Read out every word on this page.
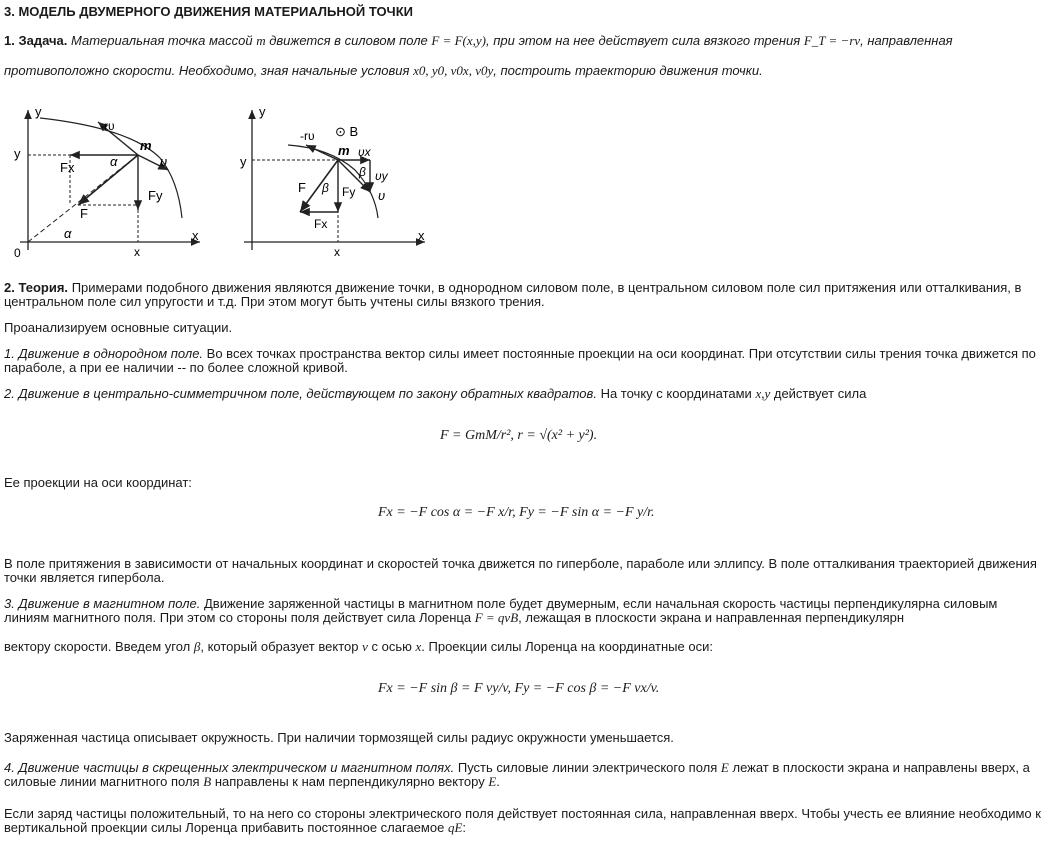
3. МОДЕЛЬ ДВУМЕРНОГО ДВИЖЕНИЯ МАТЕРИАЛЬНОЙ ТОЧКИ
1. Задача. Материальная точка массой m движется в силовом поле F = F(x,y), при этом на нее действует сила вязкого трения F_T = −rv, направленная
противоположно скорости. Необходимо, зная начальные условия x0, y0, v0x, v0y, построить траекторию движения точки.
y
x
0
y
x
m
-rυ
υ
Fx
Fy
F
α
α
y
x
y
x
m
-rυ ⊙ B
υx
υy
υ
β
β
F	Fy
Fx
2. Теория. Примерами подобного движения являются движение точки, в однородном силовом поле, в центральном силовом поле сил притяжения или отталкивания, в центральном поле сил упругости и т.д. При этом могут быть учтены силы вязкого трения.
Проанализируем основные ситуации.
1. Движение в однородном поле. Во всех точках пространства вектор силы имеет постоянные проекции на оси координат. При отсутствии силы трения точка движется по параболе, а при ее наличии -- по более сложной кривой.
2. Движение в центрально-симметричном поле, действующем по закону обратных квадратов. На точку с координатами x,y действует сила
F = GmM/r², r = √(x² + y²).
Ее проекции на оси координат:
Fx = −F cos α = −F x/r, Fy = −F sin α = −F y/r.
В поле притяжения в зависимости от начальных координат и скоростей точка движется по гиперболе, параболе или эллипсу. В поле отталкивания траекторией движения точки является гипербола.
3. Движение в магнитном поле. Движение заряженной частицы в магнитном поле будет двумерным, если начальная скорость частицы перпендикулярна силовым линиям магнитного поля. При этом со стороны поля действует сила Лоренца F = qvB, лежащая в плоскости экрана и направленная перпендикулярн
вектору скорости. Введем угол β, который образует вектор v с осью x. Проекции силы Лоренца на координатные оси:
Fx = −F sin β = F vy/v, Fy = −F cos β = −F vx/v.
Заряженная частица описывает окружность. При наличии тормозящей силы радиус окружности уменьшается.
4. Движение частицы в скрещенных электрическом и магнитном полях. Пусть силовые линии электрического поля E лежат в плоскости экрана и направлены вверх, а силовые линии магнитного поля B направлены к нам перпендикулярно вектору E.
Если заряд частицы положительный, то на него со стороны электрического поля действует постоянная сила, направленная вверх. Чтобы учесть ее влияние необходимо к вертикальной проекции силы Лоренца прибавить постоянное слагаемое qE:
